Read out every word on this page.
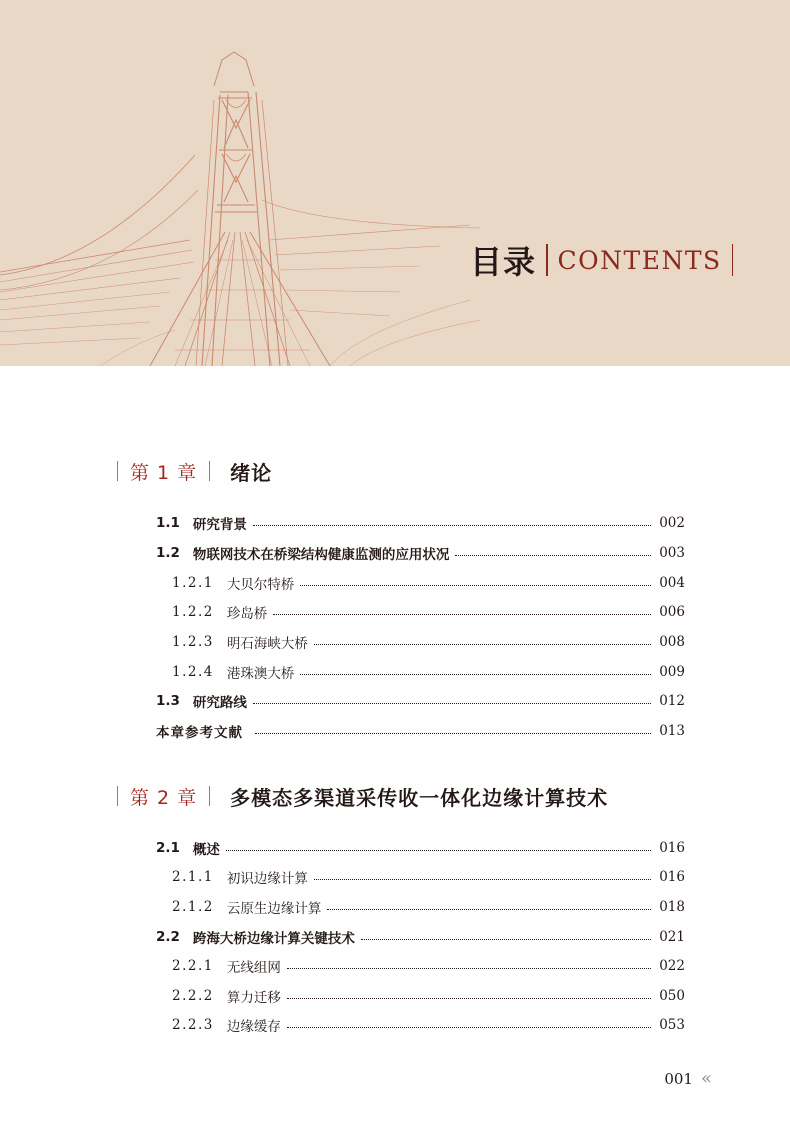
目录 CONTENTS
第 1 章 绪论
1.1 研究背景	002
1.2 物联网技术在桥梁结构健康监测的应用状况	003
1.2.1 大贝尔特桥	004
1.2.2 珍岛桥	006
1.2.3 明石海峡大桥	008
1.2.4 港珠澳大桥	009
1.3 研究路线	012
本章参考文献	013
第 2 章 多模态多渠道采传收一体化边缘计算技术
2.1 概述	016
2.1.1 初识边缘计算	016
2.1.2 云原生边缘计算	018
2.2 跨海大桥边缘计算关键技术	021
2.2.1 无线组网	022
2.2.2 算力迁移	050
2.2.3 边缘缓存	053
001 «
